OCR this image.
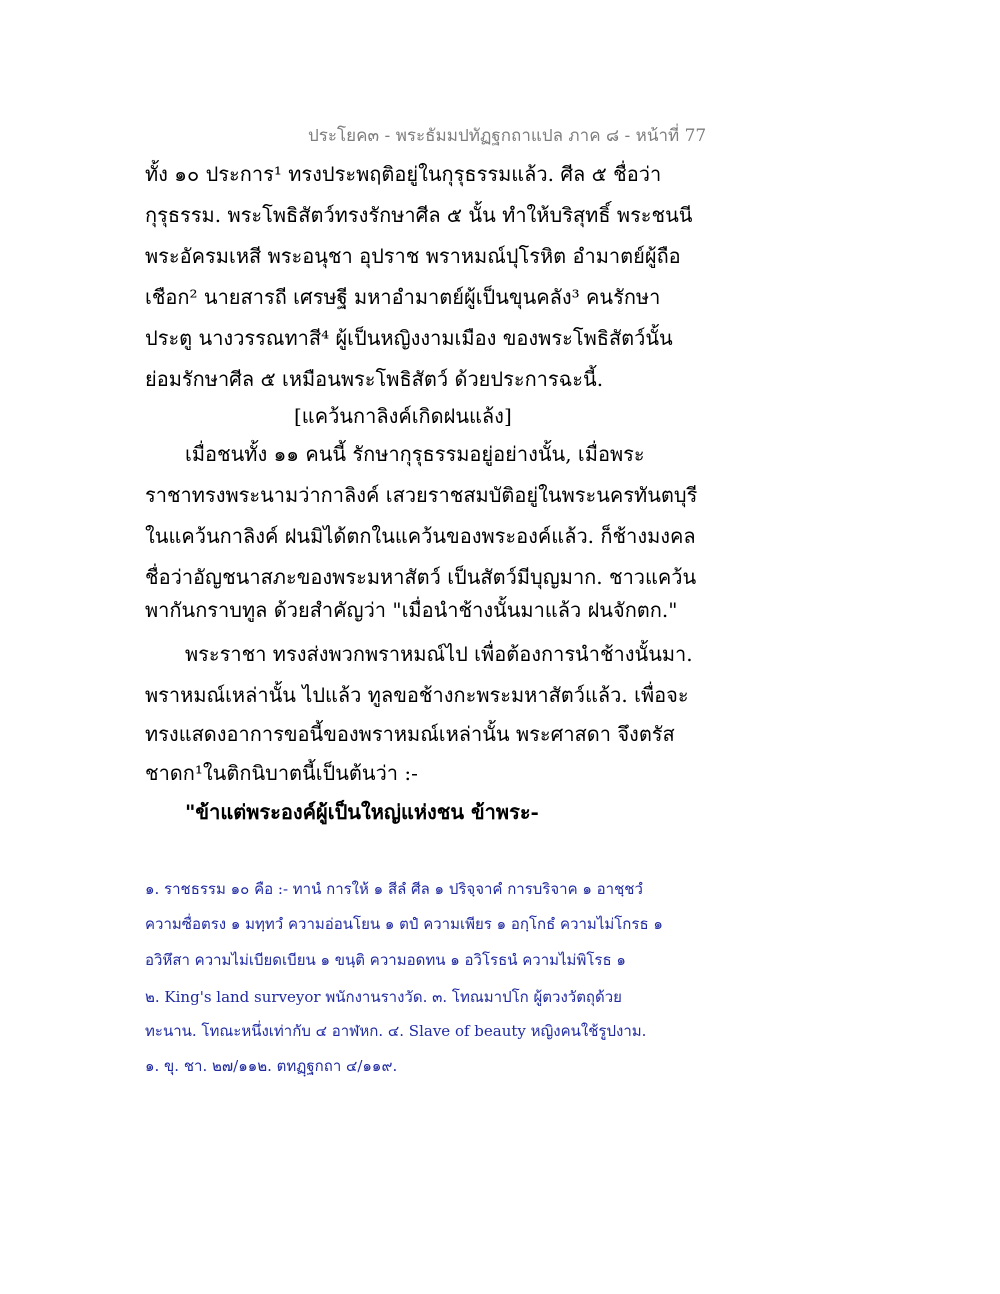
ประโยค๓ - พระธัมมปทัฏฐกถาแปล ภาค ๘ - หน้าที่ 77
ทั้ง ๑๐ ประการ¹ ทรงประพฤติอยู่ในกุรุธรรมแล้ว. ศีล ๕ ชื่อว่า
กุรุธรรม. พระโพธิสัตว์ทรงรักษาศีล ๕ นั้น ทำให้บริสุทธิ์ พระชนนี
พระอัครมเหสี พระอนุชา อุปราช พราหมณ์ปุโรหิต อำมาตย์ผู้ถือ
เชือก² นายสารถี เศรษฐี มหาอำมาตย์ผู้เป็นขุนคลัง³ คนรักษา
ประตู นางวรรณทาสี⁴ ผู้เป็นหญิงงามเมือง ของพระโพธิสัตว์นั้น
ย่อมรักษาศีล ๕ เหมือนพระโพธิสัตว์ ด้วยประการฉะนี้.
[แคว้นกาลิงค์เกิดฝนแล้ง]
เมื่อชนทั้ง ๑๑ คนนี้ รักษากุรุธรรมอยู่อย่างนั้น, เมื่อพระ
ราชาทรงพระนามว่ากาลิงค์ เสวยราชสมบัติอยู่ในพระนครทันตบุรี
ในแคว้นกาลิงค์ ฝนมิได้ตกในแคว้นของพระองค์แล้ว. ก็ช้างมงคล
ชื่อว่าอัญชนาสภะของพระมหาสัตว์ เป็นสัตว์มีบุญมาก. ชาวแคว้น
พากันกราบทูล ด้วยสำคัญว่า "เมื่อนำช้างนั้นมาแล้ว ฝนจักตก."
พระราชา ทรงส่งพวกพราหมณ์ไป เพื่อต้องการนำช้างนั้นมา.
พราหมณ์เหล่านั้น ไปแล้ว ทูลขอช้างกะพระมหาสัตว์แล้ว. เพื่อจะ
ทรงแสดงอาการขอนี้ของพราหมณ์เหล่านั้น พระศาสดา จึงตรัส
ชาดก¹ในติกนิบาตนี้เป็นต้นว่า :-
"ข้าแต่พระองค์ผู้เป็นใหญ่แห่งชน ข้าพระ-
๑. ราชธรรม ๑๐ คือ :- ทานํ การให้ ๑ สีลํ ศีล ๑ ปริจฺจาคํ การบริจาค ๑ อาชฺชวํ
ความซื่อตรง ๑ มทฺทวํ ความอ่อนโยน ๑ ตปํ ความเพียร ๑ อกฺโกธํ ความไม่โกรธ ๑
อวิหึสา ความไม่เบียดเบียน ๑ ขนฺติ ความอดทน ๑ อวิโรธนํ ความไม่พิโรธ ๑
๒. King's land surveyor พนักงานรางวัด. ๓. โทณมาปโก ผู้ตวงวัตถุด้วย
ทะนาน. โทณะหนึ่งเท่ากับ ๔ อาฬหก. ๔. Slave of beauty หญิงคนใช้รูปงาม.
๑. ขุ. ชา. ๒๗/๑๑๒. ตทฏฺฐกถา ๔/๑๑๙.
